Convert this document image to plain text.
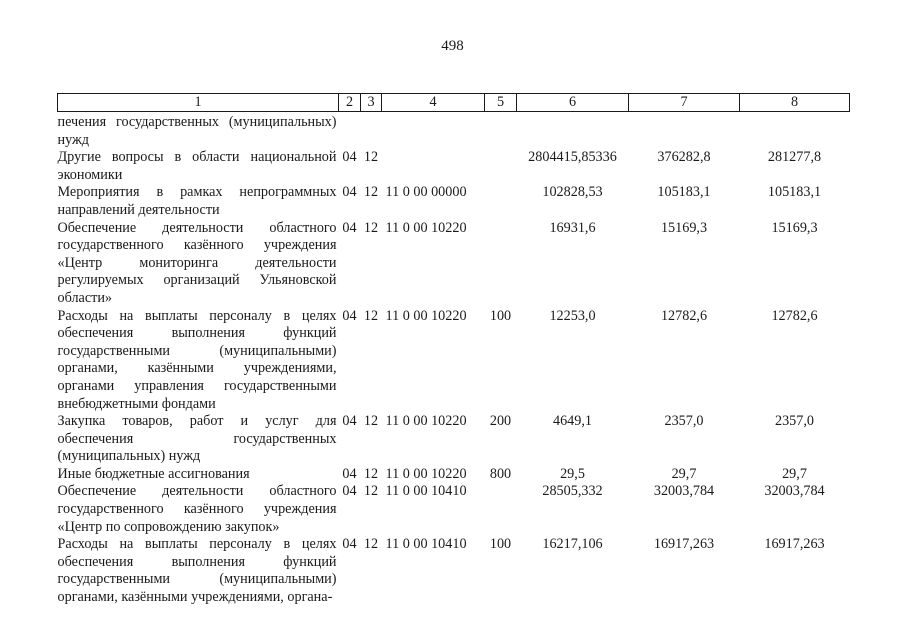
498
1	2	3	4	5	6	7	8
печения государственных (муниципальных) нужд							
Другие вопросы в области национальной экономики	04	12			2804415,85336	376282,8	281277,8
Мероприятия в рамках непрограммных направлений деятельности	04	12	11 0 00 00000		102828,53	105183,1	105183,1
Обеспечение деятельности областного государственного казённого учреждения «Центр мониторинга деятельности регулируемых организаций Ульяновской области»	04	12	11 0 00 10220		16931,6	15169,3	15169,3
Расходы на выплаты персоналу в целях обеспечения выполнения функций государственными (муниципальными) органами, казёнными учреждениями, органами управления государственными внебюджетными фондами	04	12	11 0 00 10220	100	12253,0	12782,6	12782,6
Закупка товаров, работ и услуг для обеспечения государственных (муниципальных) нужд	04	12	11 0 00 10220	200	4649,1	2357,0	2357,0
Иные бюджетные ассигнования	04	12	11 0 00 10220	800	29,5	29,7	29,7
Обеспечение деятельности областного государственного казённого учреждения «Центр по сопровождению закупок»	04	12	11 0 00 10410		28505,332	32003,784	32003,784
Расходы на выплаты персоналу в целях обеспечения выполнения функций государственными (муниципальными) органами, казёнными учреждениями, органа-	04	12	11 0 00 10410	100	16217,106	16917,263	16917,263
